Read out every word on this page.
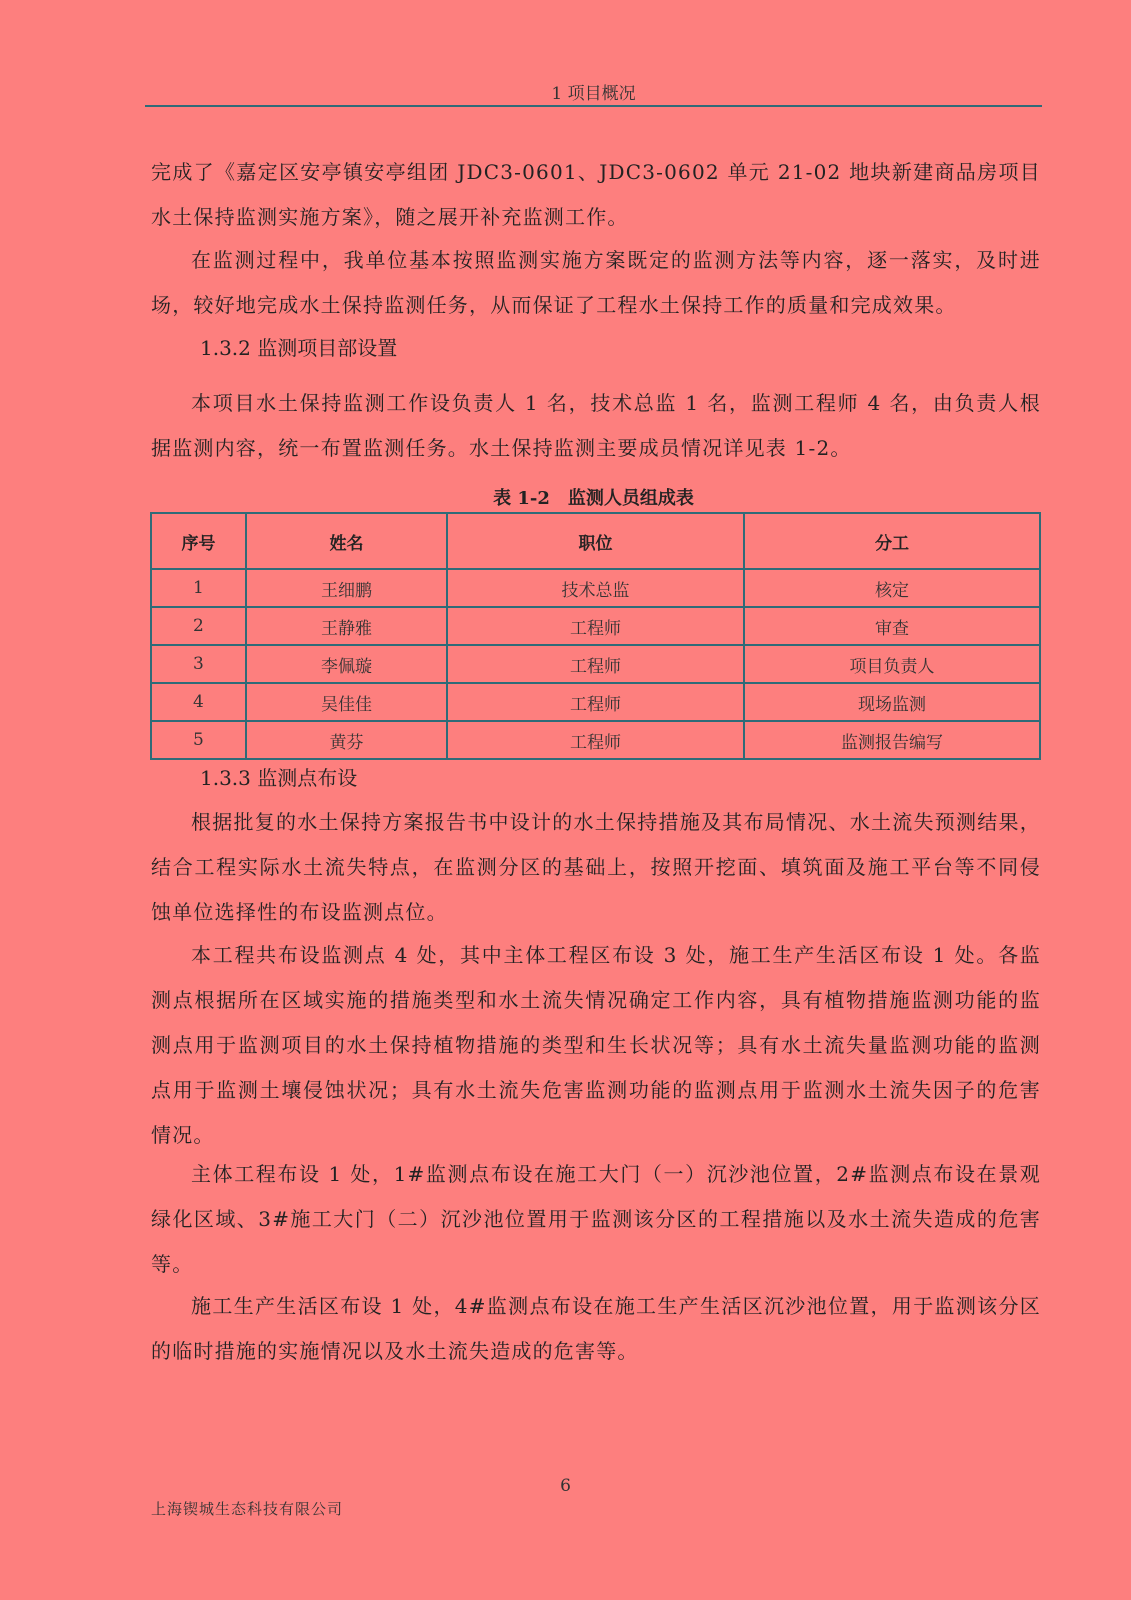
1 项目概况

完成了《嘉定区安亭镇安亭组团 JDC3-0601、JDC3-0602 单元 21-02 地块新建商品房项目水土保持监测实施方案》，随之展开补充监测工作。

在监测过程中，我单位基本按照监测实施方案既定的监测方法等内容，逐一落实，及时进场，较好地完成水土保持监测任务，从而保证了工程水土保持工作的质量和完成效果。

1.3.2 监测项目部设置

本项目水土保持监测工作设负责人 1 名，技术总监 1 名，监测工程师 4 名，由负责人根据监测内容，统一布置监测任务。水土保持监测主要成员情况详见表 1-2。

表 1-2　监测人员组成表
序号	姓名	职位	分工
1	王细鹏	技术总监	核定
2	王静雅	工程师	审查
3	李佩璇	工程师	项目负责人
4	吴佳佳	工程师	现场监测
5	黄芬	工程师	监测报告编写

1.3.3 监测点布设

根据批复的水土保持方案报告书中设计的水土保持措施及其布局情况、水土流失预测结果，结合工程实际水土流失特点，在监测分区的基础上，按照开挖面、填筑面及施工平台等不同侵蚀单位选择性的布设监测点位。

本工程共布设监测点 4 处，其中主体工程区布设 3 处，施工生产生活区布设 1 处。各监测点根据所在区域实施的措施类型和水土流失情况确定工作内容，具有植物措施监测功能的监测点用于监测项目的水土保持植物措施的类型和生长状况等；具有水土流失量监测功能的监测点用于监测土壤侵蚀状况；具有水土流失危害监测功能的监测点用于监测水土流失因子的危害情况。

主体工程布设 1 处，1#监测点布设在施工大门（一）沉沙池位置，2#监测点布设在景观绿化区域、3#施工大门（二）沉沙池位置用于监测该分区的工程措施以及水土流失造成的危害等。

施工生产生活区布设 1 处，4#监测点布设在施工生产生活区沉沙池位置，用于监测该分区的临时措施的实施情况以及水土流失造成的危害等。

6
上海锲城生态科技有限公司
